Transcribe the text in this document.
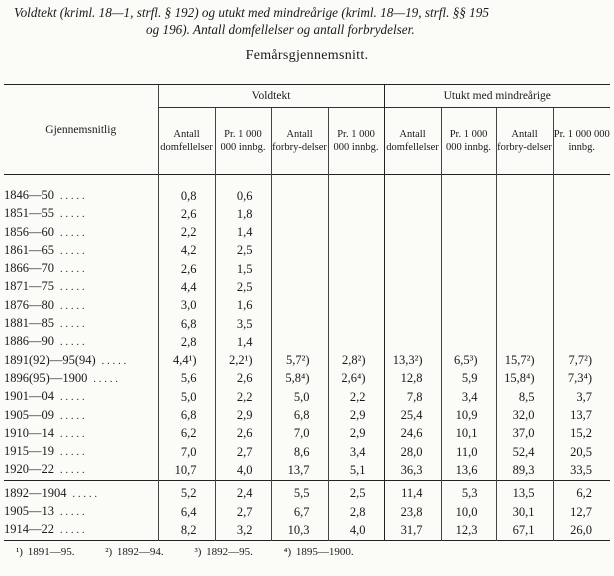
Voldtekt (kriml. 18—1, strfl. § 192) og utukt med mindreårige (kriml. 18—19, strfl. §§ 195
og 196). Antall domfellelser og antall forbrydelser.
Femårsgjennemsnitt.
Gjennemsnitlig	Voldtekt				Utukt med mindreårige			
	Antall domfellelser	Pr. 1 000 000 innbg.	Antall forbry-delser	Pr. 1 000 000 innbg.	Antall domfellelser	Pr. 1 000 000 innbg.	Antall forbry-delser	Pr. 1 000 000 innbg.

1846—50 .....	0,8	0,6						
1851—55 .....	2,6	1,8						
1856—60 .....	2,2	1,4						
1861—65 .....	4,2	2,5						
1866—70 .....	2,6	1,5						
1871—75 .....	4,4	2,5						
1876—80 .....	3,0	1,6						
1881—85 .....	6,8	3,5						
1886—90 .....	2,8	1,4						
1891(92)—95(94) .....	4,4¹)	2,2¹)	5,7²)	2,8²)	13,3²)	6,5³)	15,7²)	7,7²)
1896(95)—1900 .....	5,6	2,6	5,8⁴)	2,6⁴)	12,8	5,9	15,8⁴)	7,3⁴)
1901—04 .....	5,0	2,2	5,0	2,2	7,8	3,4	8,5	3,7
1905—09 .....	6,8	2,9	6,8	2,9	25,4	10,9	32,0	13,7
1910—14 .....	6,2	2,6	7,0	2,9	24,6	10,1	37,0	15,2
1915—19 .....	7,0	2,7	8,6	3,4	28,0	11,0	52,4	20,5
1920—22 .....	10,7	4,0	13,7	5,1	36,3	13,6	89,3	33,5

1892—1904 .....	5,2	2,4	5,5	2,5	11,4	5,3	13,5	6,2
1905—13 .....	6,4	2,7	6,7	2,8	23,8	10,0	30,1	12,7
1914—22 .....	8,2	3,2	10,3	4,0	31,7	12,3	67,1	26,0

¹) 1891—95.	²) 1892—94.	³) 1892—95.	⁴) 1895—1900.
